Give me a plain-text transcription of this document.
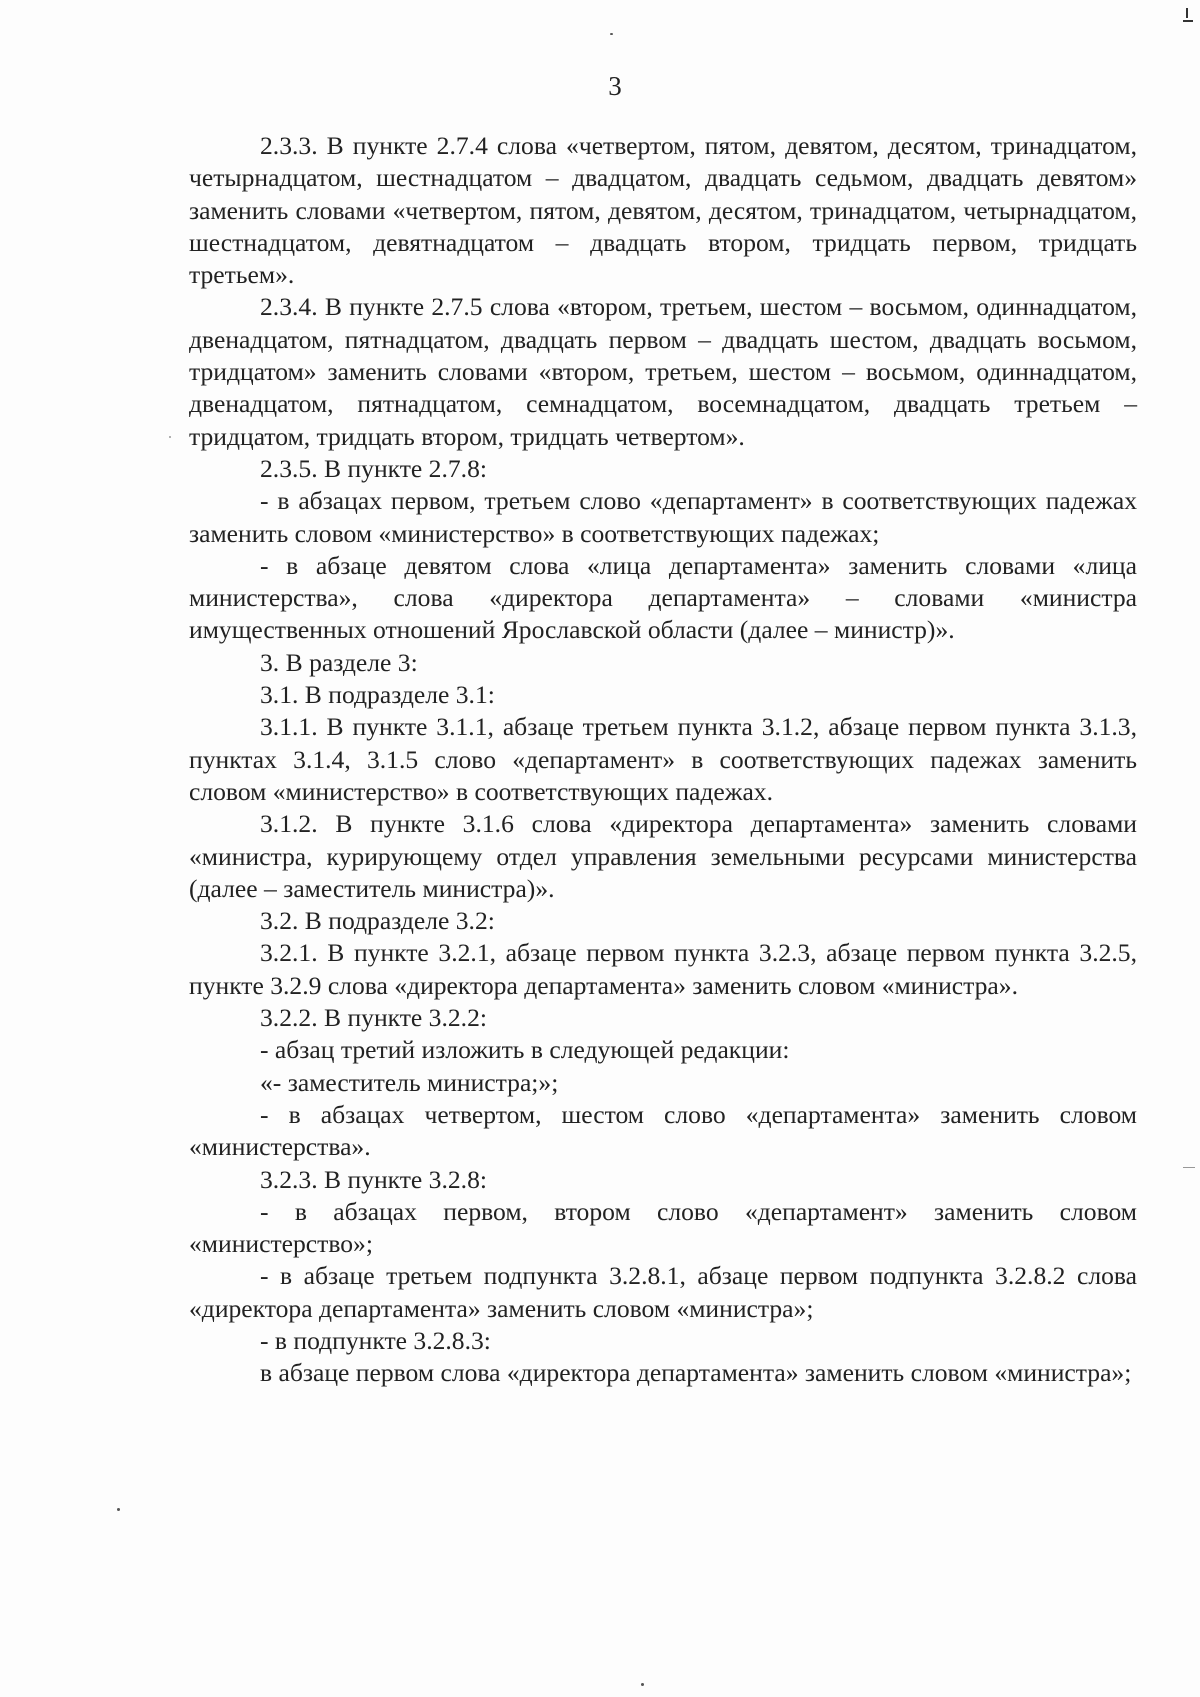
3

2.3.3. В пункте 2.7.4 слова «четвертом, пятом, девятом, десятом, тринадцатом, четырнадцатом, шестнадцатом – двадцатом, двадцать седьмом, двадцать девятом» заменить словами «четвертом, пятом, девятом, десятом, тринадцатом, четырнадцатом, шестнадцатом, девятнадцатом – двадцать втором, тридцать первом, тридцать третьем».

2.3.4. В пункте 2.7.5 слова «втором, третьем, шестом – восьмом, одиннадцатом, двенадцатом, пятнадцатом, двадцать первом – двадцать шестом, двадцать восьмом, тридцатом» заменить словами «втором, третьем, шестом – восьмом, одиннадцатом, двенадцатом, пятнадцатом, семнадцатом, восемнадцатом, двадцать третьем – тридцатом, тридцать втором, тридцать четвертом».

2.3.5. В пункте 2.7.8:

- в абзацах первом, третьем слово «департамент» в соответствующих падежах заменить словом «министерство» в соответствующих падежах;

- в абзаце девятом слова «лица департамента» заменить словами «лица министерства», слова «директора департамента» – словами «министра имущественных отношений Ярославской области (далее – министр)».

3. В разделе 3:

3.1. В подразделе 3.1:

3.1.1. В пункте 3.1.1, абзаце третьем пункта 3.1.2, абзаце первом пункта 3.1.3, пунктах 3.1.4, 3.1.5 слово «департамент» в соответствующих падежах заменить словом «министерство» в соответствующих падежах.

3.1.2. В пункте 3.1.6 слова «директора департамента» заменить словами «министра, курирующему отдел управления земельными ресурсами министерства (далее – заместитель министра)».

3.2. В подразделе 3.2:

3.2.1. В пункте 3.2.1, абзаце первом пункта 3.2.3, абзаце первом пункта 3.2.5, пункте 3.2.9 слова «директора департамента» заменить словом «министра».

3.2.2. В пункте 3.2.2:

- абзац третий изложить в следующей редакции:

«- заместитель министра;»;

- в абзацах четвертом, шестом слово «департамента» заменить словом «министерства».

3.2.3. В пункте 3.2.8:

- в абзацах первом, втором слово «департамент» заменить словом «министерство»;

- в абзаце третьем подпункта 3.2.8.1, абзаце первом подпункта 3.2.8.2 слова «директора департамента» заменить словом «министра»;

- в подпункте 3.2.8.3:

в абзаце первом слова «директора департамента» заменить словом «министра»;
